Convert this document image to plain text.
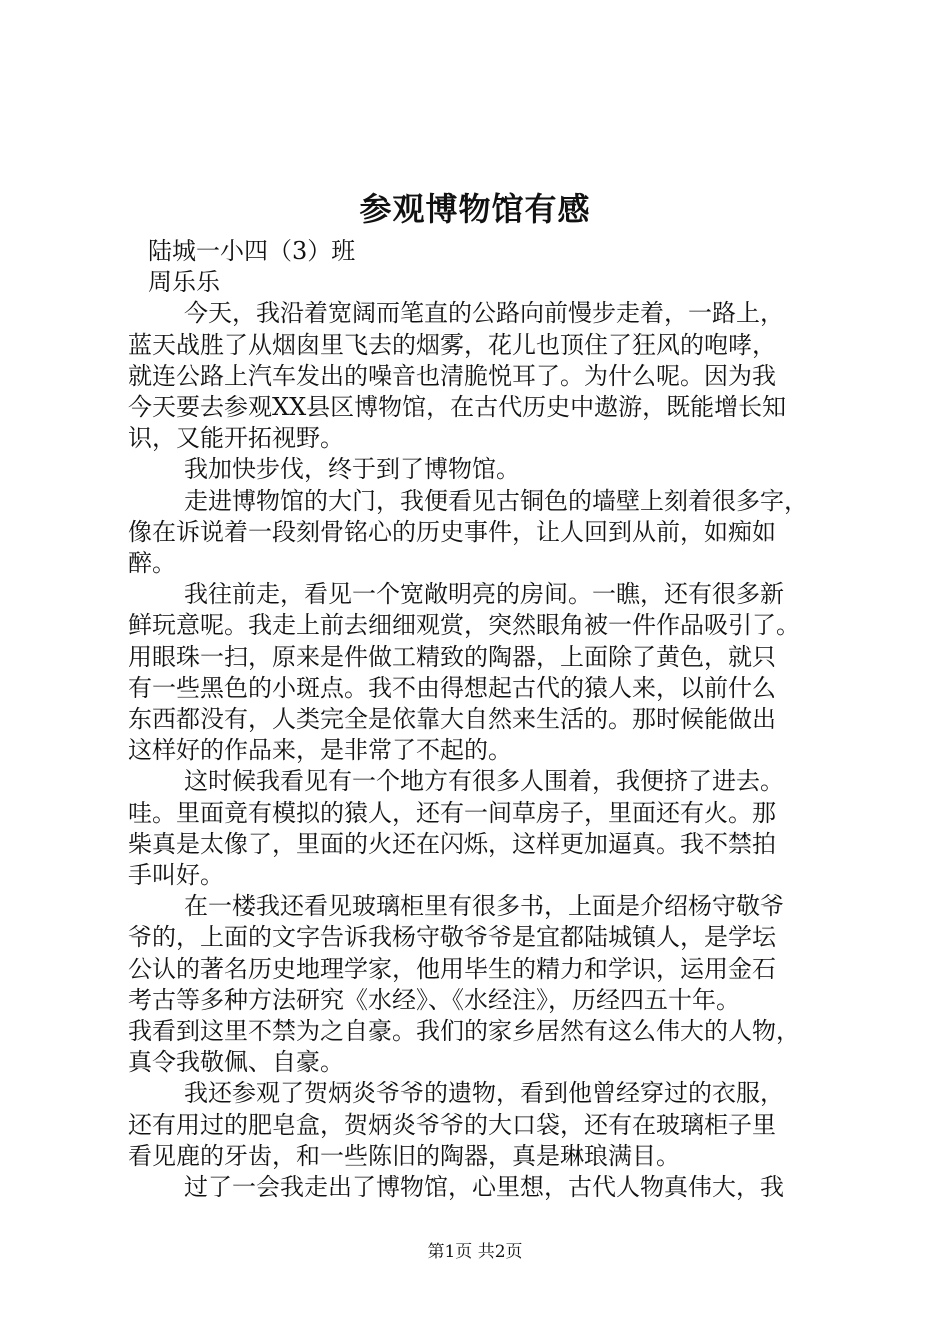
参观博物馆有感
陆城一小四（3）班
周乐乐
今天，我沿着宽阔而笔直的公路向前慢步走着，一路上，
蓝天战胜了从烟囱里飞去的烟雾，花儿也顶住了狂风的咆哮，
就连公路上汽车发出的噪音也清脆悦耳了。为什么呢。因为我
今天要去参观XX县区博物馆，在古代历史中遨游，既能增长知
识，又能开拓视野。
我加快步伐，终于到了博物馆。
走进博物馆的大门，我便看见古铜色的墙壁上刻着很多字，
像在诉说着一段刻骨铭心的历史事件，让人回到从前，如痴如
醉。
我往前走，看见一个宽敞明亮的房间。一瞧，还有很多新
鲜玩意呢。我走上前去细细观赏，突然眼角被一件作品吸引了。
用眼珠一扫，原来是件做工精致的陶器，上面除了黄色，就只
有一些黑色的小斑点。我不由得想起古代的猿人来，以前什么
东西都没有，人类完全是依靠大自然来生活的。那时候能做出
这样好的作品来，是非常了不起的。
这时候我看见有一个地方有很多人围着，我便挤了进去。
哇。里面竟有模拟的猿人，还有一间草房子，里面还有火。那
柴真是太像了，里面的火还在闪烁，这样更加逼真。我不禁拍
手叫好。
在一楼我还看见玻璃柜里有很多书，上面是介绍杨守敬爷
爷的，上面的文字告诉我杨守敬爷爷是宜都陆城镇人，是学坛
公认的著名历史地理学家，他用毕生的精力和学识，运用金石
考古等多种方法研究《水经》、《水经注》，历经四五十年。
我看到这里不禁为之自豪。我们的家乡居然有这么伟大的人物，
真令我敬佩、自豪。
我还参观了贺炳炎爷爷的遗物，看到他曾经穿过的衣服，
还有用过的肥皂盒，贺炳炎爷爷的大口袋，还有在玻璃柜子里
看见鹿的牙齿，和一些陈旧的陶器，真是琳琅满目。
过了一会我走出了博物馆，心里想，古代人物真伟大，我
第1页 共2页
